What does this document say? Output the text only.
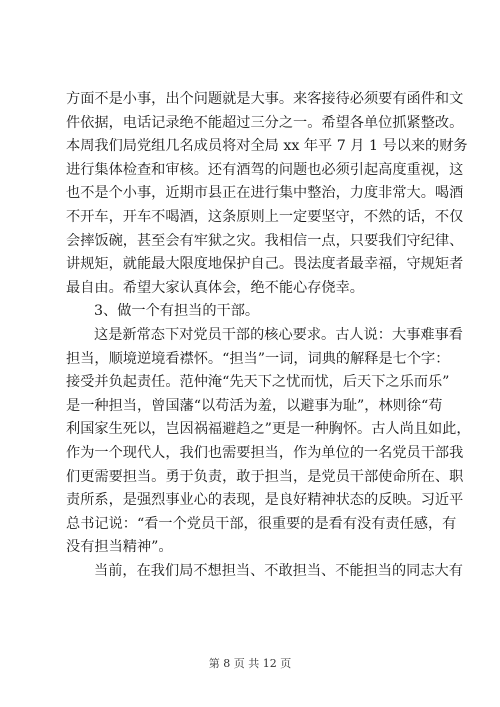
方面不是小事，出个问题就是大事。来客接待必须要有函件和文
件依据，电话记录绝不能超过三分之一。希望各单位抓紧整改。
本周我们局党组几名成员将对全局 xx 年平 7 月 1 号以来的财务
进行集体检查和审核。还有酒驾的问题也必须引起高度重视，这
也不是个小事，近期市县正在进行集中整治，力度非常大。喝酒
不开车，开车不喝酒，这条原则上一定要坚守，不然的话，不仅
会摔饭碗，甚至会有牢狱之灾。我相信一点，只要我们守纪律、
讲规矩，就能最大限度地保护自己。畏法度者最幸福，守规矩者
最自由。希望大家认真体会，绝不能心存侥幸。
3、做一个有担当的干部。
这是新常态下对党员干部的核心要求。古人说：大事难事看
担当，顺境逆境看襟怀。“担当”一词，词典的解释是七个字：
接受并负起责任。范仲淹“先天下之忧而忧，后天下之乐而乐”
是一种担当，曾国藩“以苟活为羞，以避事为耻”，林则徐“苟
利国家生死以，岂因祸福避趋之”更是一种胸怀。古人尚且如此，
作为一个现代人，我们也需要担当，作为单位的一名党员干部我
们更需要担当。勇于负责，敢于担当，是党员干部使命所在、职
责所系，是强烈事业心的表现，是良好精神状态的反映。习近平
总书记说：“看一个党员干部，很重要的是看有没有责任感，有
没有担当精神”。
当前，在我们局不想担当、不敢担当、不能担当的同志大有
第 8 页 共 12 页
